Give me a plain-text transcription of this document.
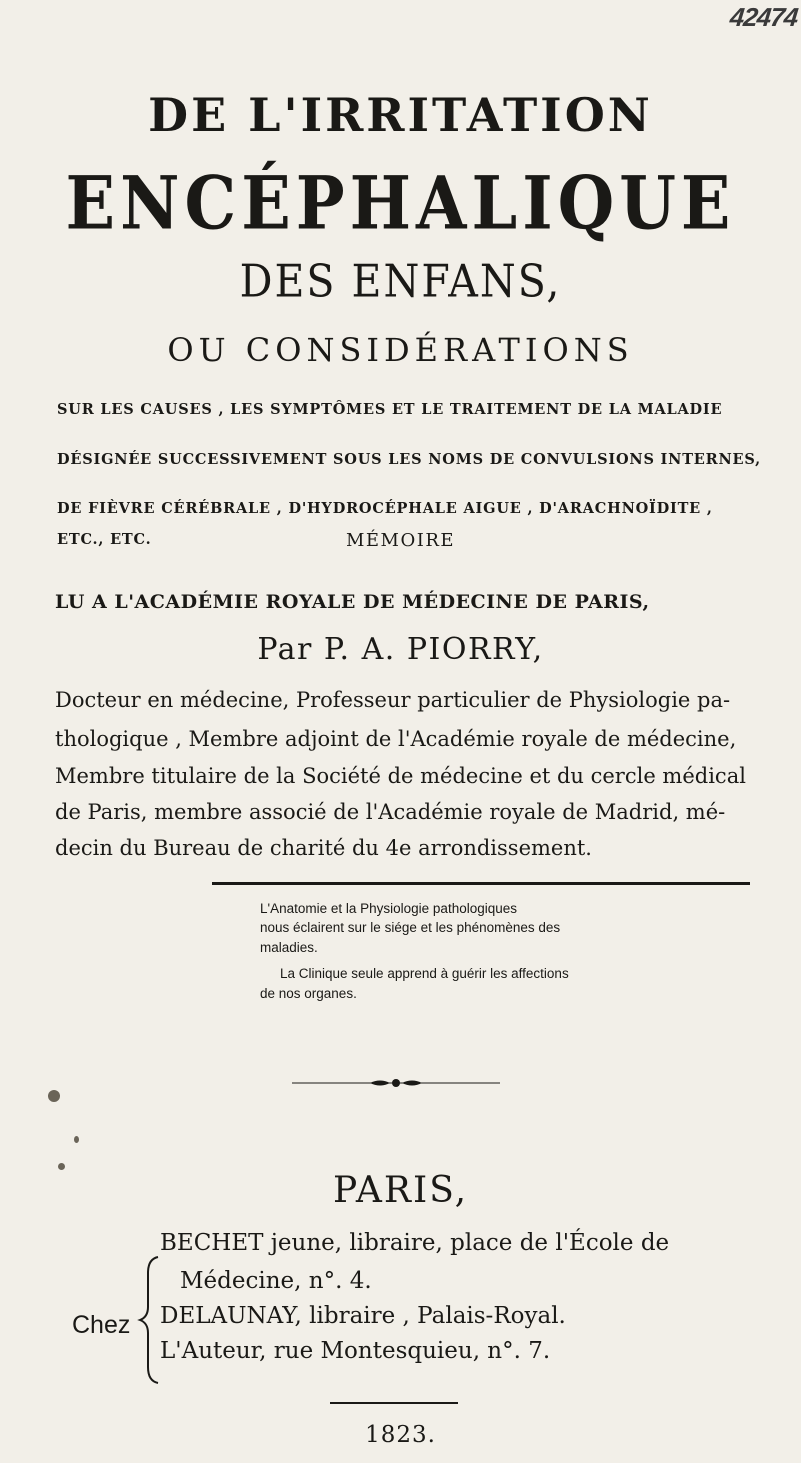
42474
DE L'IRRITATION
ENCÉPHALIQUE
DES ENFANS,
OU CONSIDÉRATIONS
SUR LES CAUSES , LES SYMPTÔMES ET LE TRAITEMENT DE LA MALADIE
DÉSIGNÉE SUCCESSIVEMENT SOUS LES NOMS DE CONVULSIONS INTERNES,
DE FIÈVRE CÉRÉBRALE , D'HYDROCÉPHALE AIGUE , D'ARACHNOÏDITE ,
ETC., ETC.	MÉMOIRE
LU A L'ACADÉMIE ROYALE DE MÉDECINE DE PARIS,
Par P. A. PIORRY,
Docteur en médecine, Professeur particulier de Physiologie pa-
thologique , Membre adjoint de l'Académie royale de médecine,
Membre titulaire de la Société de médecine et du cercle médical
de Paris, membre associé de l'Académie royale de Madrid, mé-
decin du Bureau de charité du 4e arrondissement.
L'Anatomie et la Physiologie pathologiques
nous éclairent sur le siége et les phénomènes des
maladies.
La Clinique seule apprend à guérir les affections
de nos organes.
PARIS,
Chez
BECHET jeune, libraire, place de l'École de
Médecine, n°. 4.
DELAUNAY, libraire , Palais-Royal.
L'Auteur, rue Montesquieu, n°. 7.
1823.
